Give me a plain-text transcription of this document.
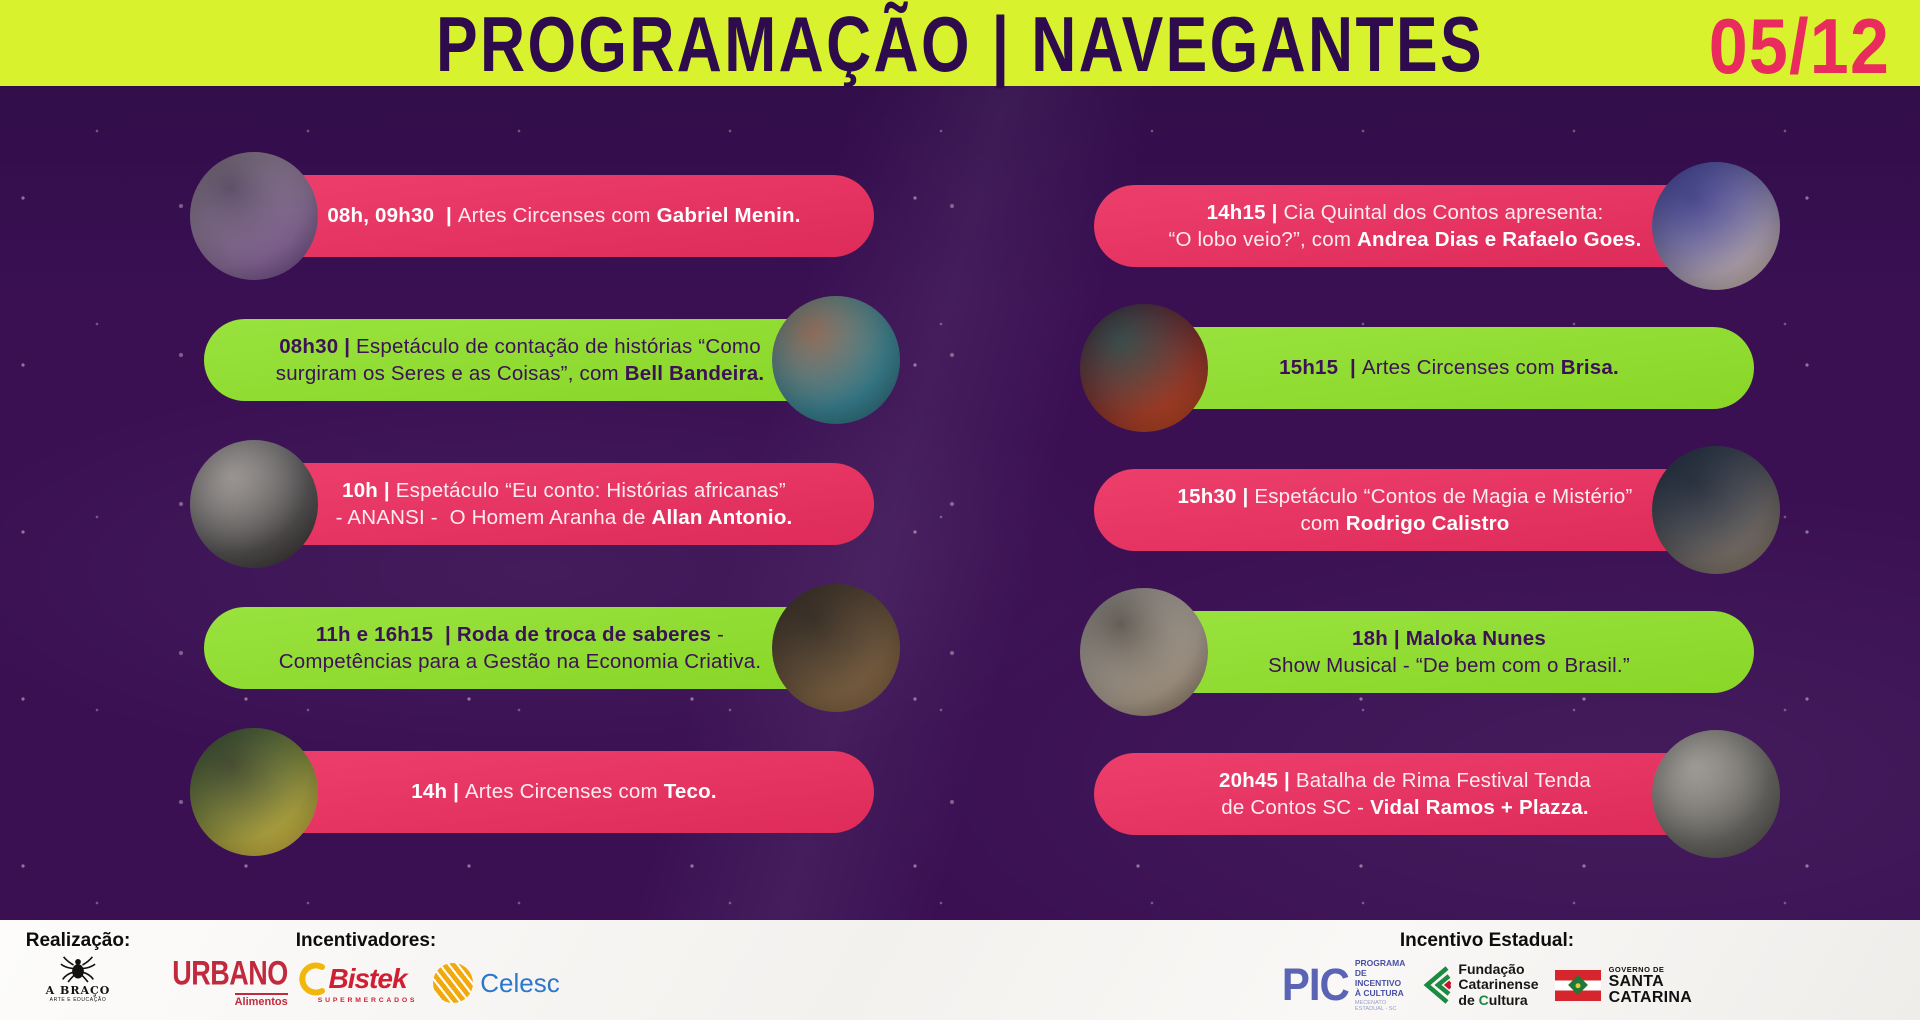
PROGRAMAÇÃO | NAVEGANTES	05/12
08h, 09h30  | Artes Circenses com Gabriel Menin.
08h30 | Espetáculo de contação de histórias “Como
surgiram os Seres e as Coisas”, com Bell Bandeira.
10h | Espetáculo “Eu conto: Histórias africanas”
- ANANSI -  O Homem Aranha de Allan Antonio.
11h e 16h15  | Roda de troca de saberes -
Competências para a Gestão na Economia Criativa.
14h | Artes Circenses com Teco.
14h15 | Cia Quintal dos Contos apresenta:
“O lobo veio?”, com Andrea Dias e Rafaelo Goes.
15h15  | Artes Circenses com Brisa.
15h30 | Espetáculo “Contos de Magia e Mistério”
com Rodrigo Calistro
18h | Maloka Nunes
Show Musical - “De bem com o Brasil.”
20h45 | Batalha de Rima Festival Tenda
de Contos SC - Vidal Ramos + Plazza.
Realização:
A BRAÇO
ARTE E EDUCAÇÃO
Incentivadores:
URBANO
Alimentos
Bistek
SUPERMERCADOS
Celesc
Incentivo Estadual:
PIC PROGRAMA
DE INCENTIVO
À CULTURA
MECENATO ESTADUAL - SC
Fundação
Catarinense
de Cultura
GOVERNO DE
SANTA
CATARINA
